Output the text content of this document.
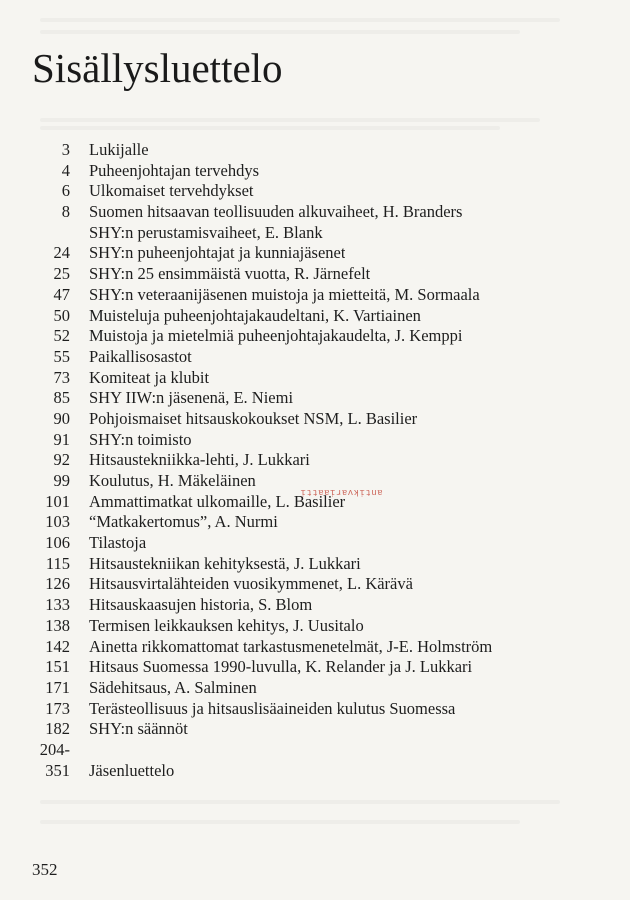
Sisällysluettelo
3 Lukijalle
4 Puheenjohtajan tervehdys
6 Ulkomaiset tervehdykset
8 Suomen hitsaavan teollisuuden alkuvaiheet, H. Branders
SHY:n perustamisvaiheet, E. Blank
24 SHY:n puheenjohtajat ja kunniajäsenet
25 SHY:n 25 ensimmäistä vuotta, R. Järnefelt
47 SHY:n veteraanijäsenen muistoja ja mietteitä, M. Sormaala
50 Muisteluja puheenjohtajakaudeltani, K. Vartiainen
52 Muistoja ja mietelmiä puheenjohtajakaudelta, J. Kemppi
55 Paikallisosastot
73 Komiteat ja klubit
85 SHY IIW:n jäsenenä, E. Niemi
90 Pohjoismaiset hitsauskokoukset NSM, L. Basilier
91 SHY:n toimisto
92 Hitsaustekniikka-lehti, J. Lukkari
99 Koulutus, H. Mäkeläinen
101 Ammattimatkat ulkomaille, L. Basilier
103 “Matkakertomus”, A. Nurmi
106 Tilastoja
115 Hitsaustekniikan kehityksestä, J. Lukkari
126 Hitsausvirtalähteiden vuosikymmenet, L. Kärävä
133 Hitsauskaasujen historia, S. Blom
138 Termisen leikkauksen kehitys, J. Uusitalo
142 Ainetta rikkomattomat tarkastusmenetelmät, J-E. Holmström
151 Hitsaus Suomessa 1990-luvulla, K. Relander ja J. Lukkari
171 Sädehitsaus, A. Salminen
173 Terästeollisuus ja hitsauslisäaineiden kulutus Suomessa
182 SHY:n säännöt
204-
351 Jäsenluettelo
antikvariaatti
352
